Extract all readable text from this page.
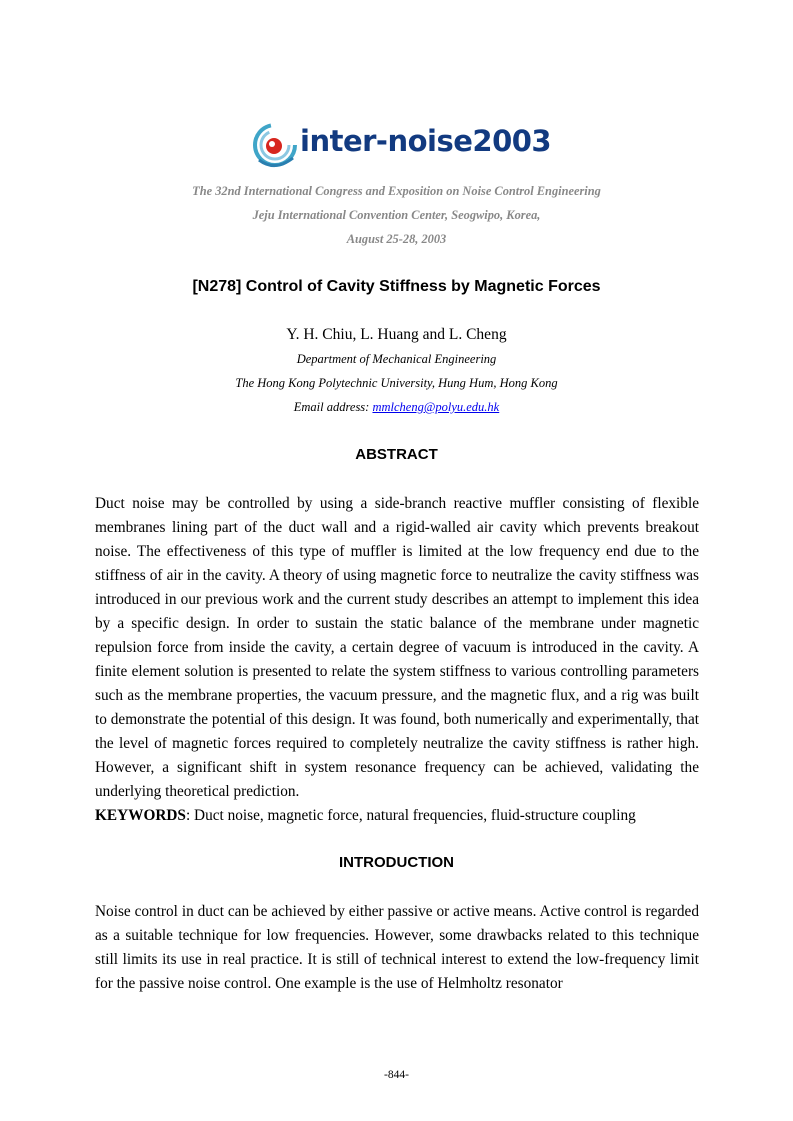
inter-noise2003
The 32nd International Congress and Exposition on Noise Control Engineering
Jeju International Convention Center, Seogwipo, Korea,
August 25-28, 2003
[N278] Control of Cavity Stiffness by Magnetic Forces
Y. H. Chiu, L. Huang and L. Cheng
Department of Mechanical Engineering
The Hong Kong Polytechnic University, Hung Hum, Hong Kong
Email address: mmlcheng@polyu.edu.hk
ABSTRACT
Duct noise may be controlled by using a side-branch reactive muffler consisting of flexible membranes lining part of the duct wall and a rigid-walled air cavity which prevents breakout noise. The effectiveness of this type of muffler is limited at the low frequency end due to the stiffness of air in the cavity. A theory of using magnetic force to neutralize the cavity stiffness was introduced in our previous work and the current study describes an attempt to implement this idea by a specific design. In order to sustain the static balance of the membrane under magnetic repulsion force from inside the cavity, a certain degree of vacuum is introduced in the cavity. A finite element solution is presented to relate the system stiffness to various controlling parameters such as the membrane properties, the vacuum pressure, and the magnetic flux, and a rig was built to demonstrate the potential of this design. It was found, both numerically and experimentally, that the level of magnetic forces required to completely neutralize the cavity stiffness is rather high. However, a significant shift in system resonance frequency can be achieved, validating the underlying theoretical prediction.
KEYWORDS: Duct noise, magnetic force, natural frequencies, fluid-structure coupling
INTRODUCTION
Noise control in duct can be achieved by either passive or active means. Active control is regarded as a suitable technique for low frequencies. However, some drawbacks related to this technique still limits its use in real practice. It is still of technical interest to extend the low-frequency limit for the passive noise control. One example is the use of Helmholtz resonator
-844-
